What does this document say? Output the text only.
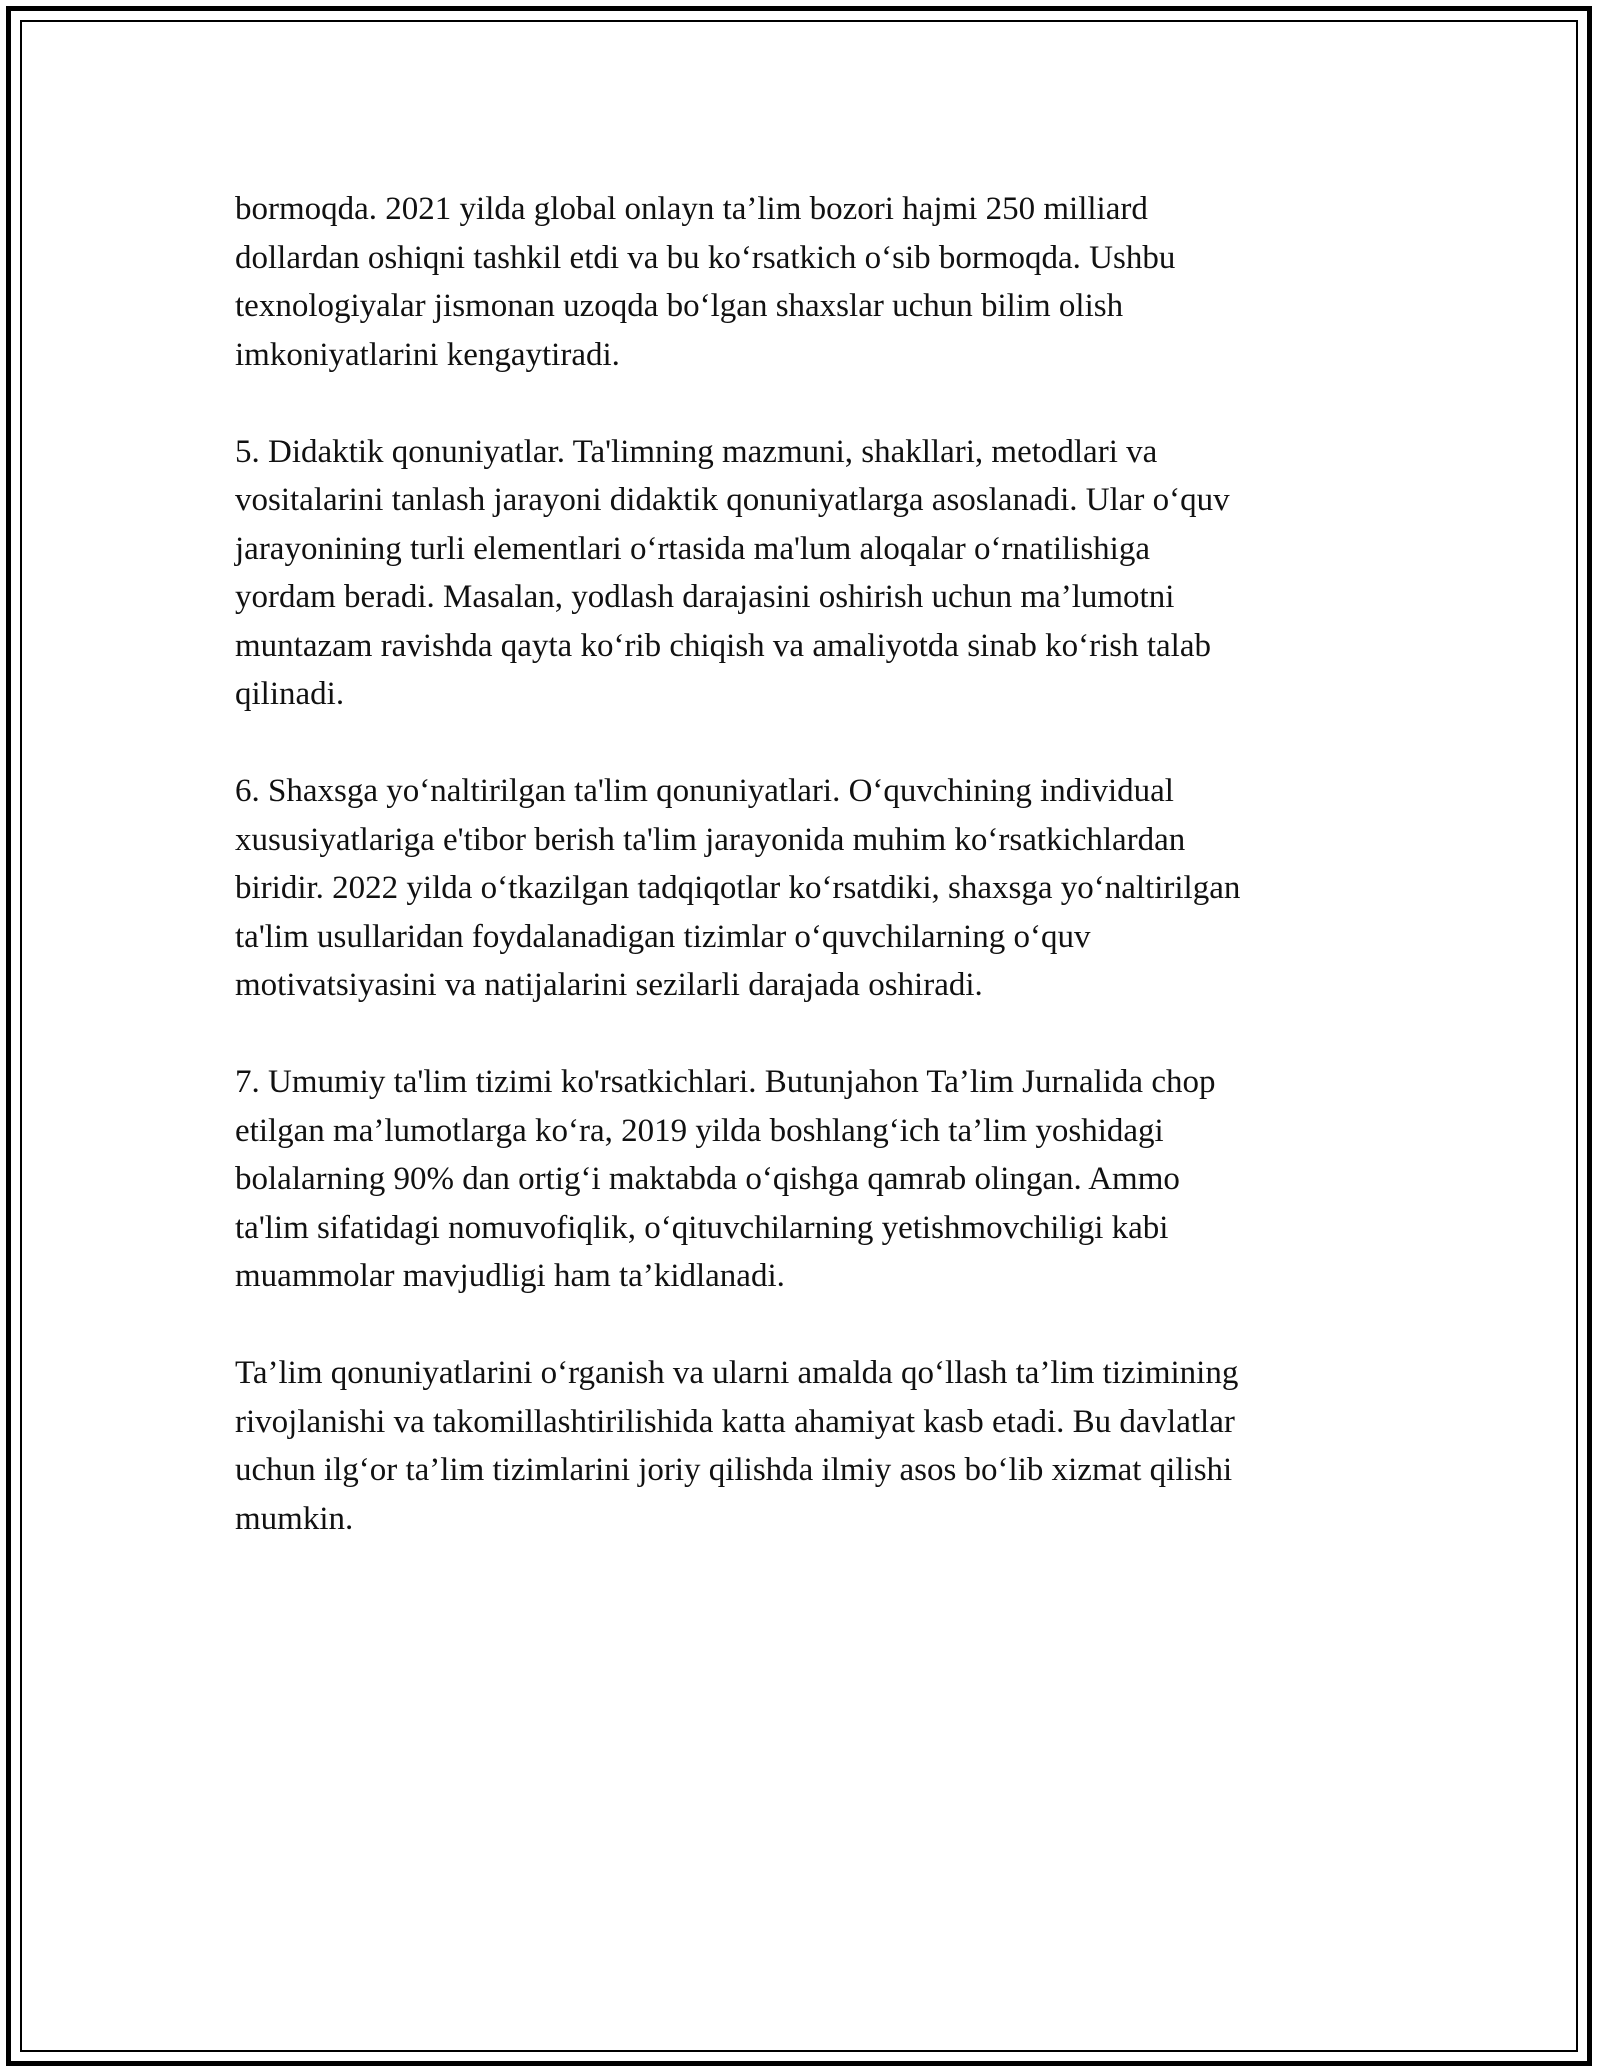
bormoqda. 2021 yilda global onlayn ta’lim bozori hajmi 250 milliard
dollardan oshiqni tashkil etdi va bu ko‘rsatkich o‘sib bormoqda. Ushbu
texnologiyalar jismonan uzoqda bo‘lgan shaxslar uchun bilim olish
imkoniyatlarini kengaytiradi.

5. Didaktik qonuniyatlar. Ta'limning mazmuni, shakllari, metodlari va
vositalarini tanlash jarayoni didaktik qonuniyatlarga asoslanadi. Ular o‘quv
jarayonining turli elementlari o‘rtasida ma'lum aloqalar o‘rnatilishiga
yordam beradi. Masalan, yodlash darajasini oshirish uchun ma’lumotni
muntazam ravishda qayta ko‘rib chiqish va amaliyotda sinab ko‘rish talab
qilinadi.

6. Shaxsga yo‘naltirilgan ta'lim qonuniyatlari. O‘quvchining individual
xususiyatlariga e'tibor berish ta'lim jarayonida muhim ko‘rsatkichlardan
biridir. 2022 yilda o‘tkazilgan tadqiqotlar ko‘rsatdiki, shaxsga yo‘naltirilgan
ta'lim usullaridan foydalanadigan tizimlar o‘quvchilarning o‘quv
motivatsiyasini va natijalarini sezilarli darajada oshiradi.

7. Umumiy ta'lim tizimi ko'rsatkichlari. Butunjahon Ta’lim Jurnalida chop
etilgan ma’lumotlarga ko‘ra, 2019 yilda boshlang‘ich ta’lim yoshidagi
bolalarning 90% dan ortig‘i maktabda o‘qishga qamrab olingan. Ammo
ta'lim sifatidagi nomuvofiqlik, o‘qituvchilarning yetishmovchiligi kabi
muammolar mavjudligi ham ta’kidlanadi.

Ta’lim qonuniyatlarini o‘rganish va ularni amalda qo‘llash ta’lim tizimining
rivojlanishi va takomillashtirilishida katta ahamiyat kasb etadi. Bu davlatlar
uchun ilg‘or ta’lim tizimlarini joriy qilishda ilmiy asos bo‘lib xizmat qilishi
mumkin.
